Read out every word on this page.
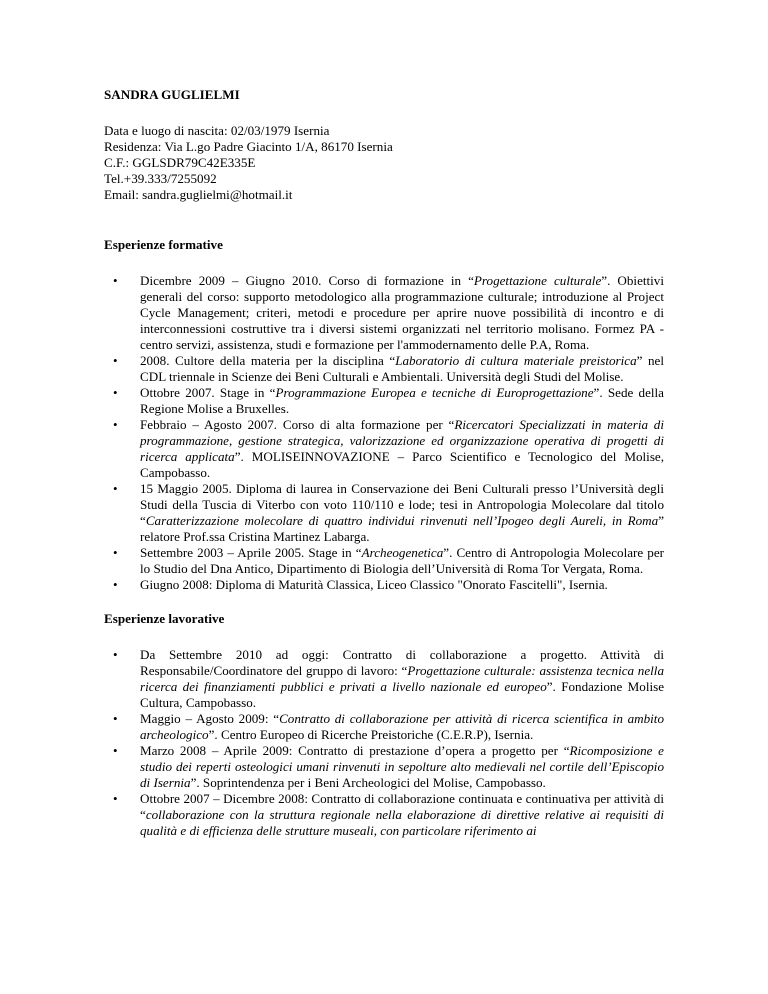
SANDRA GUGLIELMI

Data e luogo di nascita: 02/03/1979 Isernia
Residenza: Via L.go Padre Giacinto 1/A, 86170 Isernia
C.F.: GGLSDR79C42E335E
Tel.+39.333/7255092
Email: sandra.guglielmi@hotmail.it
Esperienze formative
• Dicembre 2009 – Giugno 2010. Corso di formazione in “Progettazione culturale”. Obiettivi generali del corso: supporto metodologico alla programmazione culturale; introduzione al Project Cycle Management; criteri, metodi e procedure per aprire nuove possibilità di incontro e di interconnessioni costruttive tra i diversi sistemi organizzati nel territorio molisano. Formez PA - centro servizi, assistenza, studi e formazione per l'ammodernamento delle P.A, Roma.
• 2008. Cultore della materia per la disciplina “Laboratorio di cultura materiale preistorica” nel CDL triennale in Scienze dei Beni Culturali e Ambientali. Università degli Studi del Molise.
• Ottobre 2007. Stage in “Programmazione Europea e tecniche di Europrogettazione”. Sede della Regione Molise a Bruxelles.
• Febbraio – Agosto 2007. Corso di alta formazione per “Ricercatori Specializzati in materia di programmazione, gestione strategica, valorizzazione ed organizzazione operativa di progetti di ricerca applicata”. MOLISEINNOVAZIONE – Parco Scientifico e Tecnologico del Molise, Campobasso.
• 15 Maggio 2005. Diploma di laurea in Conservazione dei Beni Culturali presso l’Università degli Studi della Tuscia di Viterbo con voto 110/110 e lode; tesi in Antropologia Molecolare dal titolo “Caratterizzazione molecolare di quattro individui rinvenuti nell’Ipogeo degli Aureli, in Roma” relatore Prof.ssa Cristina Martinez Labarga.
• Settembre 2003 – Aprile 2005. Stage in “Archeogenetica”. Centro di Antropologia Molecolare per lo Studio del Dna Antico, Dipartimento di Biologia dell’Università di Roma Tor Vergata, Roma.
• Giugno 2008: Diploma di Maturità Classica, Liceo Classico "Onorato Fascitelli", Isernia.
Esperienze lavorative
• Da Settembre 2010 ad oggi: Contratto di collaborazione a progetto. Attività di Responsabile/Coordinatore del gruppo di lavoro: “Progettazione culturale: assistenza tecnica nella ricerca dei finanziamenti pubblici e privati a livello nazionale ed europeo”. Fondazione Molise Cultura, Campobasso.
• Maggio – Agosto 2009: “Contratto di collaborazione per attività di ricerca scientifica in ambito archeologico”. Centro Europeo di Ricerche Preistoriche (C.E.R.P), Isernia.
• Marzo 2008 – Aprile 2009: Contratto di prestazione d’opera a progetto per “Ricomposizione e studio dei reperti osteologici umani rinvenuti in sepolture alto medievali nel cortile dell’Episcopio di Isernia”. Soprintendenza per i Beni Archeologici del Molise, Campobasso.
• Ottobre 2007 – Dicembre 2008: Contratto di collaborazione continuata e continuativa per attività di “collaborazione con la struttura regionale nella elaborazione di direttive relative ai requisiti di qualità e di efficienza delle strutture museali, con particolare riferimento ai
